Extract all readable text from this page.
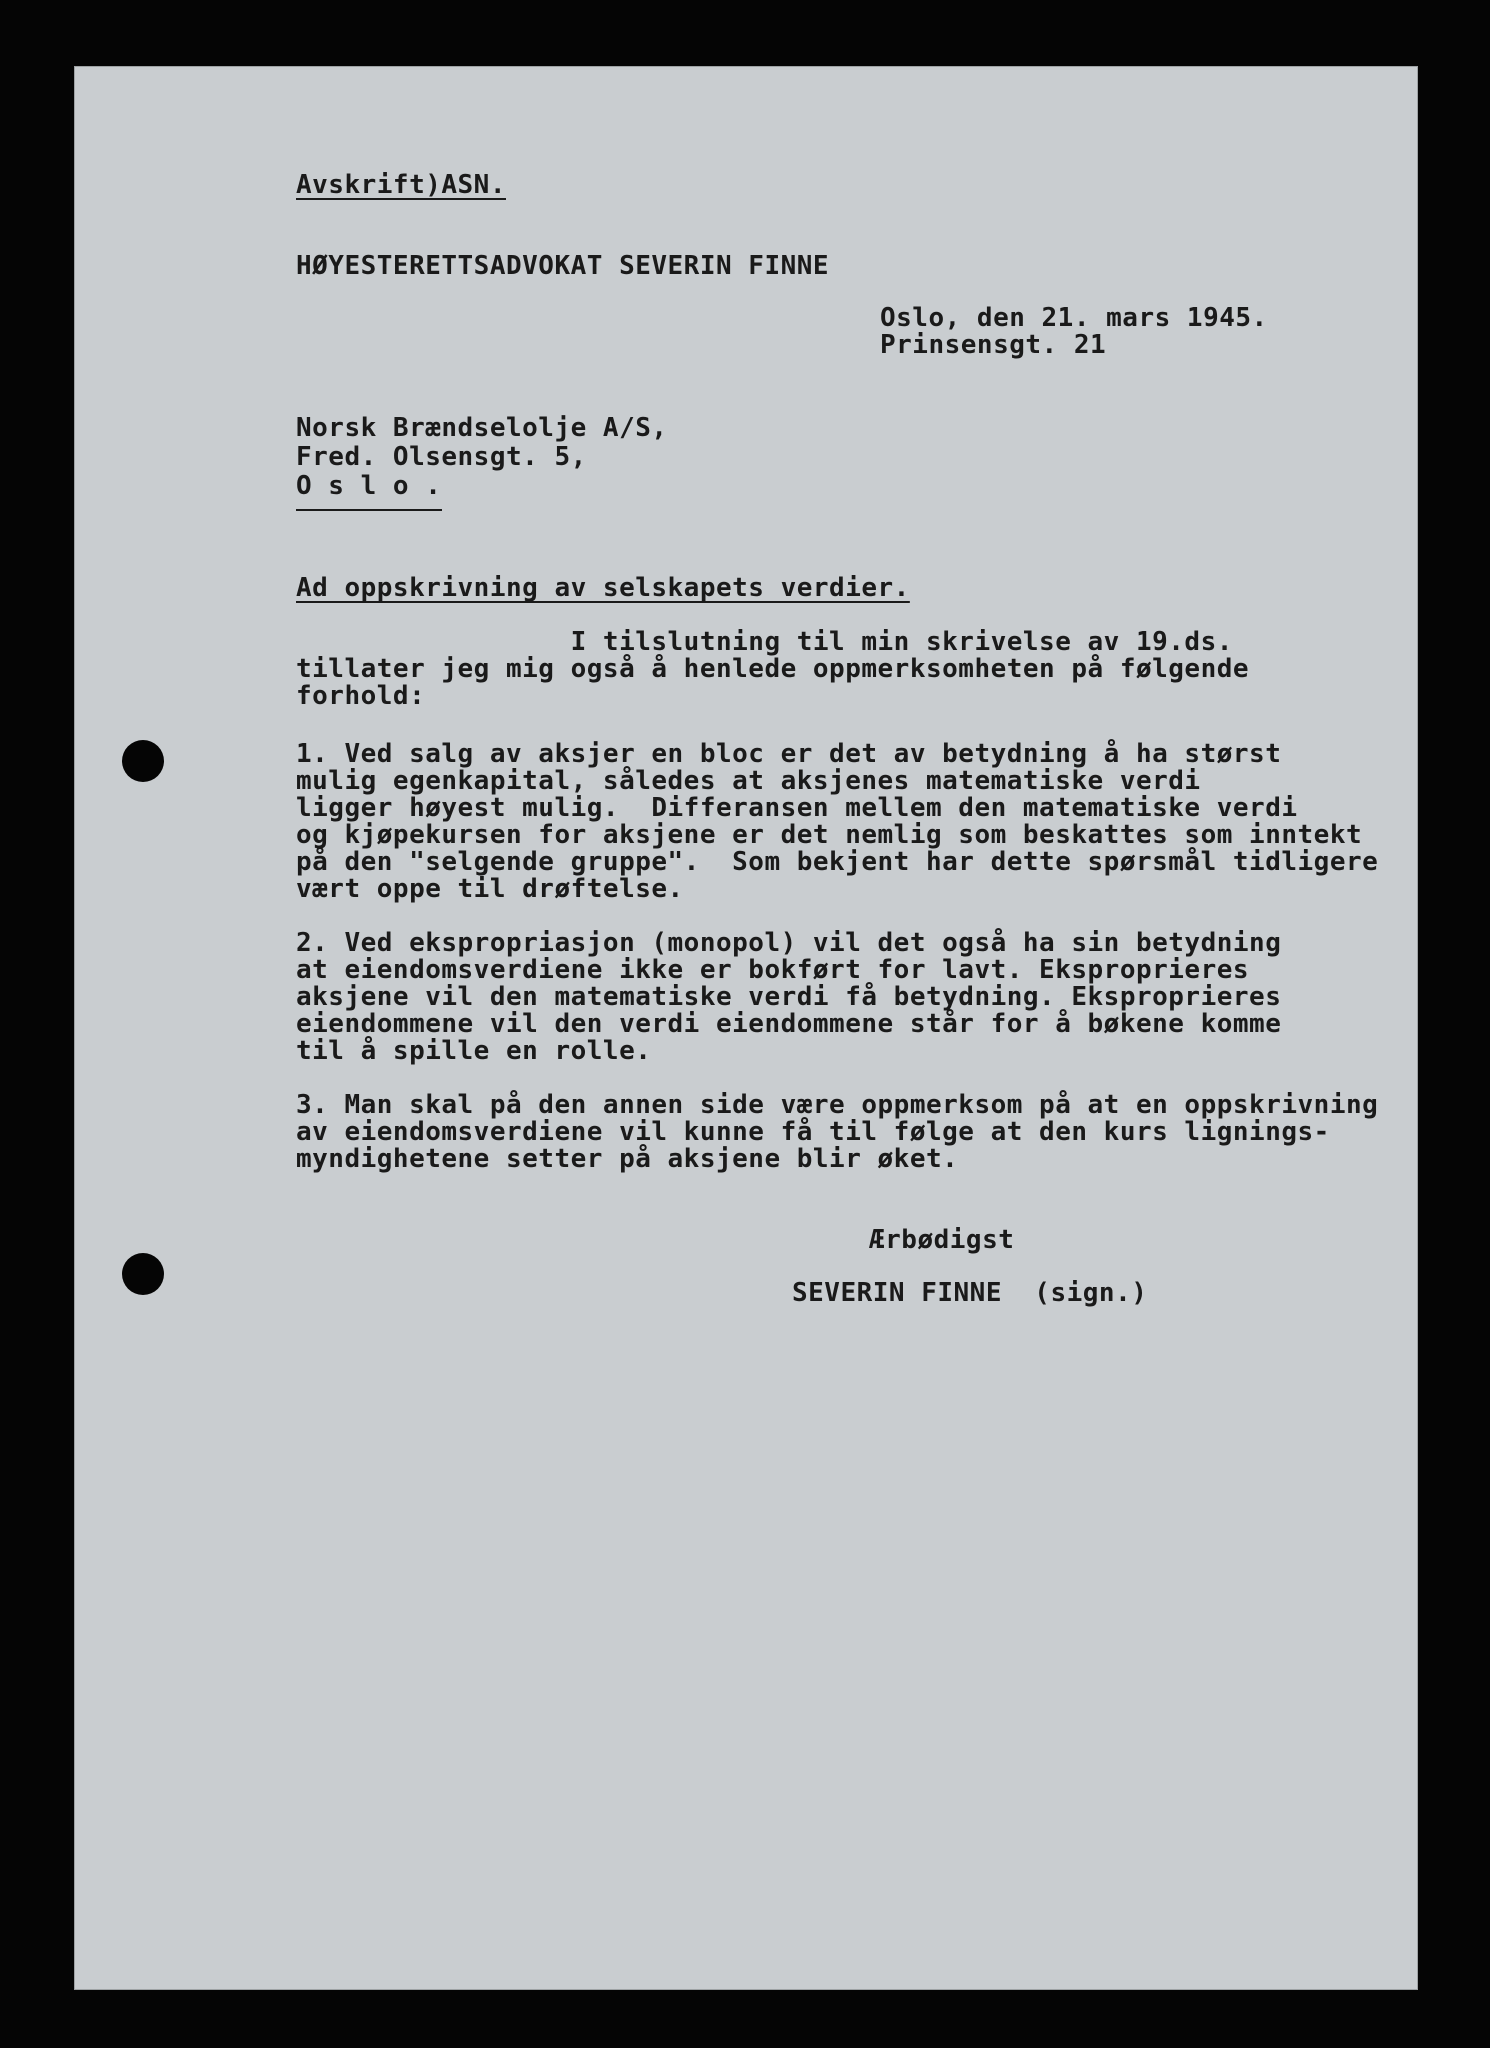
Avskrift)ASN.
HØYESTERETTSADVOKAT SEVERIN FINNE
Oslo, den 21. mars 1945.
Prinsensgt. 21
Norsk Brændselolje A/S,
Fred. Olsensgt. 5,
O s l o .
Ad oppskrivning av selskapets verdier.
I tilslutning til min skrivelse av 19.ds.
tillater jeg mig også å henlede oppmerksomheten på følgende
forhold:
1. Ved salg av aksjer en bloc er det av betydning å ha størst
mulig egenkapital, således at aksjenes matematiske verdi
ligger høyest mulig.  Differansen mellem den matematiske verdi
og kjøpekursen for aksjene er det nemlig som beskattes som inntekt
på den "selgende gruppe".  Som bekjent har dette spørsmål tidligere
vært oppe til drøftelse.
2. Ved ekspropriasjon (monopol) vil det også ha sin betydning
at eiendomsverdiene ikke er bokført for lavt. Eksproprieres
aksjene vil den matematiske verdi få betydning. Eksproprieres
eiendommene vil den verdi eiendommene står for å bøkene komme
til å spille en rolle.
3. Man skal på den annen side være oppmerksom på at en oppskrivning
av eiendomsverdiene vil kunne få til følge at den kurs lignings-
myndighetene setter på aksjene blir øket.
Ærbødigst
SEVERIN FINNE  (sign.)
